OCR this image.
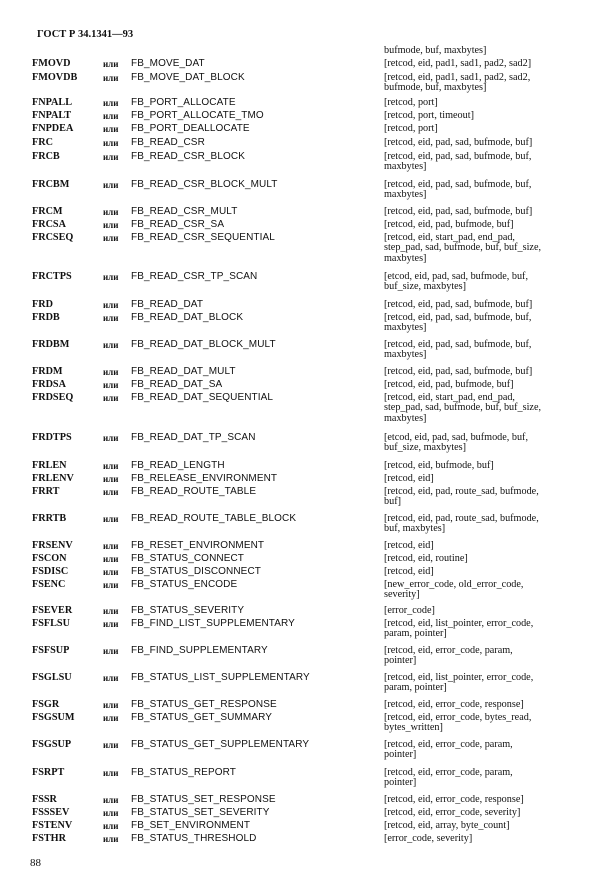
ГОСТ Р 34.1341—93
bufmode, buf, maxbytes]
FMOVD	или FB_MOVE_DAT	[retcod, eid, pad1, sad1, pad2, sad2]
FMOVDB	или FB_MOVE_DAT_BLOCK	[retcod, eid, pad1, sad1, pad2, sad2,
bufmode, buf, maxbytes]
FNPALL	или FB_PORT_ALLOCATE	[retcod, port]
FNPALT	или FB_PORT_ALLOCATE_TMO	[retcod, port, timeout]
FNPDEA	или FB_PORT_DEALLOCATE	[retcod, port]
FRC	или FB_READ_CSR	[retcod, eid, pad, sad, bufmode, buf]
FRCB	или FB_READ_CSR_BLOCK	[retcod, eid, pad, sad, bufmode, buf,
maxbytes]
FRCBM	или FB_READ_CSR_BLOCK_MULT	[retcod, eid, pad, sad, bufmode, buf,
maxbytes]
FRCM	или FB_READ_CSR_MULT	[retcod, eid, pad, sad, bufmode, buf]
FRCSA	или FB_READ_CSR_SA	[retcod, eid, pad, bufmode, buf]
FRCSEQ	или FB_READ_CSR_SEQUENTIAL	[retcod, eid, start_pad, end_pad,
step_pad, sad, bufmode, buf, buf_size,
maxbytes]
FRCTPS	или FB_READ_CSR_TP_SCAN	[etcod, eid, pad, sad, bufmode, buf,
buf_size, maxbytes]
FRD	или FB_READ_DAT	[retcod, eid, pad, sad, bufmode, buf]
FRDB	или FB_READ_DAT_BLOCK	[retcod, eid, pad, sad, bufmode, buf,
maxbytes]
FRDBM	или FB_READ_DAT_BLOCK_MULT	[retcod, eid, pad, sad, bufmode, buf,
maxbytes]
FRDM	или FB_READ_DAT_MULT	[retcod, eid, pad, sad, bufmode, buf]
FRDSA	или FB_READ_DAT_SA	[retcod, eid, pad, bufmode, buf]
FRDSEQ	или FB_READ_DAT_SEQUENTIAL	[retcod, eid, start_pad, end_pad,
step_pad, sad, bufmode, buf, buf_size,
maxbytes]
FRDTPS	или FB_READ_DAT_TP_SCAN	[etcod, eid, pad, sad, bufmode, buf,
buf_size, maxbytes]
FRLEN	или FB_READ_LENGTH	[retcod, eid, bufmode, buf]
FRLENV	или FB_RELEASE_ENVIRONMENT	[retcod, eid]
FRRT	или FB_READ_ROUTE_TABLE	[retcod, eid, pad, route_sad, bufmode,
buf]
FRRTB	или FB_READ_ROUTE_TABLE_BLOCK	[retcod, eid, pad, route_sad, bufmode,
buf, maxbytes]
FRSENV	или FB_RESET_ENVIRONMENT	[retcod, eid]
FSCON	или FB_STATUS_CONNECT	[retcod, eid, routine]
FSDISC	или FB_STATUS_DISCONNECT	[retcod, eid]
FSENC	или FB_STATUS_ENCODE	[new_error_code, old_error_code,
severity]
FSEVER	или FB_STATUS_SEVERITY	[error_code]
FSFLSU	или FB_FIND_LIST_SUPPLEMENTARY	[retcod, eid, list_pointer, error_code,
param, pointer]
FSFSUP	или FB_FIND_SUPPLEMENTARY	[retcod, eid, error_code, param,
pointer]
FSGLSU	или FB_STATUS_LIST_SUPPLEMENTARY	[retcod, eid, list_pointer, error_code,
param, pointer]
FSGR	или FB_STATUS_GET_RESPONSE	[retcod, eid, error_code, response]
FSGSUM	или FB_STATUS_GET_SUMMARY	[retcod, eid, error_code, bytes_read,
bytes_written]
FSGSUP	или FB_STATUS_GET_SUPPLEMENTARY	[retcod, eid, error_code, param,
pointer]
FSRPT	или FB_STATUS_REPORT	[retcod, eid, error_code, param,
pointer]
FSSR	или FB_STATUS_SET_RESPONSE	[retcod, eid, error_code, response]
FSSSEV	или FB_STATUS_SET_SEVERITY	[retcod, eid, error_code, severity]
FSTENV	или FB_SET_ENVIRONMENT	[retcod, eid, array, byte_count]
FSTHR	или FB_STATUS_THRESHOLD	[error_code, severity]
88
